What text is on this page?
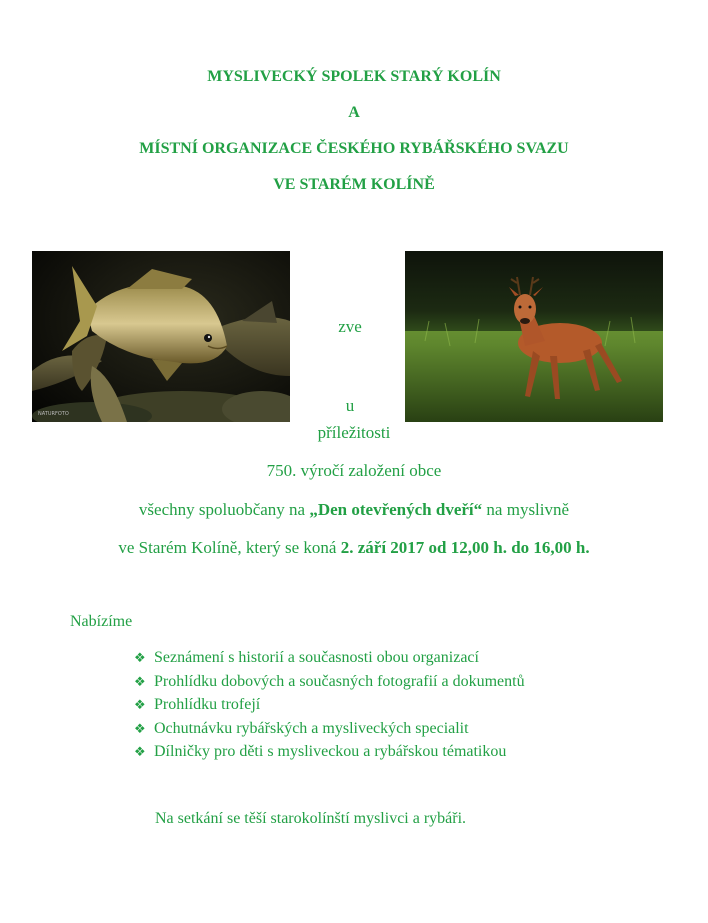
MYSLIVECKÝ SPOLEK STARÝ KOLÍN
A
MÍSTNÍ ORGANIZACE ČESKÉHO RYBÁŘSKÉHO SVAZU
VE STARÉM KOLÍNĚ
NATURFOTO
zve
u
příležitosti
750. výročí založení obce
všechny spoluobčany na „Den otevřených dveří“ na myslivně
ve Starém Kolíně, který se koná 2. září 2017 od 12,00 h. do 16,00 h.
Nabízíme
❖ Seznámení s historií a současnosti obou organizací
❖ Prohlídku dobových a současných fotografií a dokumentů
❖ Prohlídku trofejí
❖ Ochutnávku rybářských a mysliveckých specialit
❖ Dílničky pro děti s mysliveckou a rybářskou tématikou
Na setkání se těší starokolínští myslivci a rybáři.
